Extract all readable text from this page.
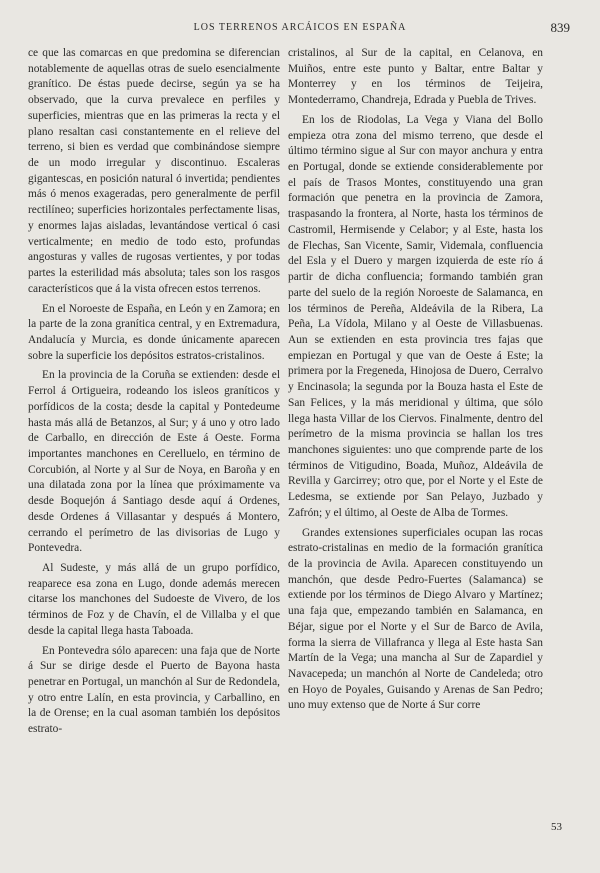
LOS TERRENOS ARCÁICOS EN ESPAÑA	839

ce que las comarcas en que predomina se diferencian notablemente de aquellas otras de suelo esencialmente granítico. De éstas puede decirse, según ya se ha observado, que la curva prevalece en perfiles y superficies, mientras que en las primeras la recta y el plano resaltan casi constantemente en el relieve del terreno, si bien es verdad que combinándose siempre de un modo irregular y discontinuo. Escaleras gigantescas, en posición natural ó invertida; pendientes más ó menos exageradas, pero generalmente de perfil rectilíneo; superficies horizontales perfectamente lisas, y enormes lajas aisladas, levantándose vertical ó casi verticalmente; en medio de todo esto, profundas angosturas y valles de rugosas vertientes, y por todas partes la esterilidad más absoluta; tales son los rasgos característicos que á la vista ofrecen estos terrenos.

En el Noroeste de España, en León y en Zamora; en la parte de la zona granítica central, y en Extremadura, Andalucía y Murcia, es donde únicamente aparecen sobre la superficie los depósitos estratos-cristalinos.

En la provincia de la Coruña se extienden: desde el Ferrol á Ortigueira, rodeando los isleos graníticos y porfídicos de la costa; desde la capital y Pontedeume hasta más allá de Betanzos, al Sur; y á uno y otro lado de Carballo, en dirección de Este á Oeste. Forma importantes manchones en Cerelluelo, en término de Corcubión, al Norte y al Sur de Noya, en Baroña y en una dilatada zona por la línea que próximamente va desde Boquejón á Santiago desde aquí á Ordenes, desde Ordenes á Villasantar y después á Montero, cerrando el perímetro de las divisorias de Lugo y Pontevedra.

Al Sudeste, y más allá de un grupo porfídico, reaparece esa zona en Lugo, donde además merecen citarse los manchones del Sudoeste de Vivero, de los términos de Foz y de Chavín, el de Villalba y el que desde la capital llega hasta Taboada.

En Pontevedra sólo aparecen: una faja que de Norte á Sur se dirige desde el Puerto de Bayona hasta penetrar en Portugal, un manchón al Sur de Redondela, y otro entre Lalín, en esta provincia, y Carballino, en la de Orense; en la cual asoman también los depósitos estrato-

cristalinos, al Sur de la capital, en Celanova, en Muiños, entre este punto y Baltar, entre Baltar y Monterrey y en los términos de Teijeira, Montederramo, Chandreja, Edrada y Puebla de Trives.

En los de Riodolas, La Vega y Viana del Bollo empieza otra zona del mismo terreno, que desde el último término sigue al Sur con mayor anchura y entra en Portugal, donde se extiende considerablemente por el país de Trasos Montes, constituyendo una gran formación que penetra en la provincia de Zamora, traspasando la frontera, al Norte, hasta los términos de Castromil, Hermisende y Celabor; y al Este, hasta los de Flechas, San Vicente, Samir, Videmala, confluencia del Esla y el Duero y margen izquierda de este río á partir de dicha confluencia; formando también gran parte del suelo de la región Noroeste de Salamanca, en los términos de Pereña, Aldeávila de la Ribera, La Peña, La Vídola, Milano y al Oeste de Villasbuenas. Aun se extienden en esta provincia tres fajas que empiezan en Portugal y que van de Oeste á Este; la primera por la Fregeneda, Hinojosa de Duero, Cerralvo y Encinasola; la segunda por la Bouza hasta el Este de San Felices, y la más meridional y última, que sólo llega hasta Villar de los Ciervos. Finalmente, dentro del perímetro de la misma provincia se hallan los tres manchones siguientes: uno que comprende parte de los términos de Vitigudino, Boada, Muñoz, Aldeávila de Revilla y Garcirrey; otro que, por el Norte y el Este de Ledesma, se extiende por San Pelayo, Juzbado y Zafrón; y el último, al Oeste de Alba de Tormes.

Grandes extensiones superficiales ocupan las rocas estrato-cristalinas en medio de la formación granítica de la provincia de Avila. Aparecen constituyendo un manchón, que desde Pedro-Fuertes (Salamanca) se extiende por los términos de Diego Alvaro y Martínez; una faja que, empezando también en Salamanca, en Béjar, sigue por el Norte y el Sur de Barco de Avila, forma la sierra de Villafranca y llega al Este hasta San Martín de la Vega; una mancha al Sur de Zapardiel y Navacepeda; un manchón al Norte de Candeleda; otro en Hoyo de Poyales, Guisando y Arenas de San Pedro; uno muy extenso que de Norte á Sur corre

53
